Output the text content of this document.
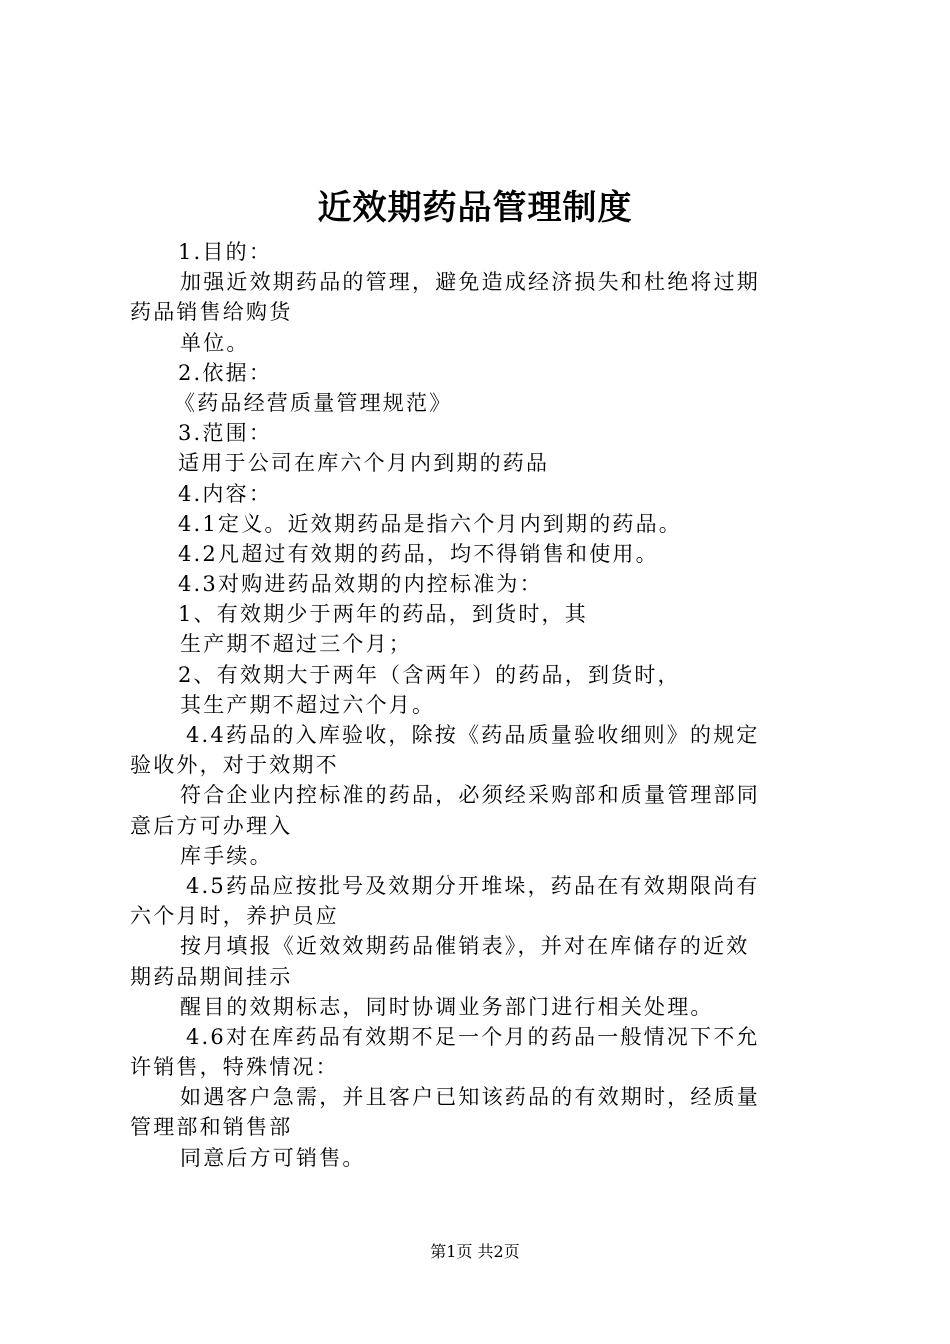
近效期药品管理制度
1.目的：
加强近效期药品的管理，避免造成经济损失和杜绝将过期
药品销售给购货
单位。
2.依据：
《药品经营质量管理规范》
3.范围：
适用于公司在库六个月内到期的药品
4.内容：
4.1定义。近效期药品是指六个月内到期的药品。
4.2凡超过有效期的药品，均不得销售和使用。
4.3对购进药品效期的内控标准为：
1、有效期少于两年的药品，到货时，其
生产期不超过三个月；
2、有效期大于两年（含两年）的药品，到货时，
其生产期不超过六个月。
4.4药品的入库验收，除按《药品质量验收细则》的规定
验收外，对于效期不
符合企业内控标准的药品，必须经采购部和质量管理部同
意后方可办理入
库手续。
4.5药品应按批号及效期分开堆垛，药品在有效期限尚有
六个月时，养护员应
按月填报《近效效期药品催销表》，并对在库储存的近效
期药品期间挂示
醒目的效期标志，同时协调业务部门进行相关处理。
4.6对在库药品有效期不足一个月的药品一般情况下不允
许销售，特殊情况：
如遇客户急需，并且客户已知该药品的有效期时，经质量
管理部和销售部
同意后方可销售。
第1页 共2页
